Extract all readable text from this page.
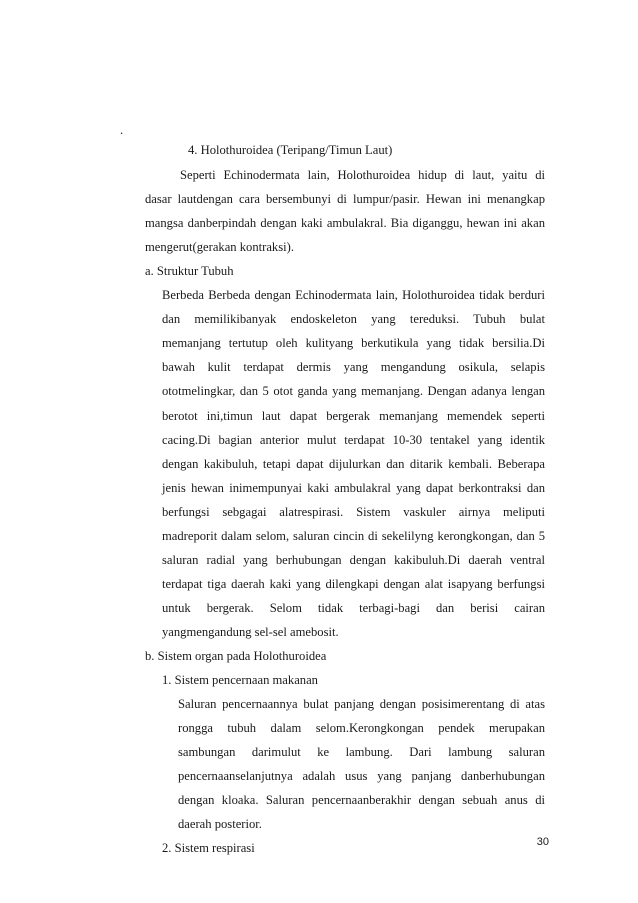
.
4. Holothuroidea (Teripang/Timun Laut)
Seperti Echinodermata lain, Holothuroidea hidup di laut, yaitu di
dasar lautdengan cara bersembunyi di lumpur/pasir. Hewan ini menangkap
mangsa danberpindah dengan kaki ambulakral. Bia diganggu, hewan ini akan
mengerut(gerakan kontraksi).
a. Struktur Tubuh
Berbeda Berbeda dengan Echinodermata lain, Holothuroidea tidak berduri
dan memilikibanyak endoskeleton yang tereduksi. Tubuh bulat
memanjang tertutup oleh kulityang berkutikula yang tidak bersilia.Di
bawah kulit terdapat dermis yang mengandung osikula, selapis
ototmelingkar, dan 5 otot ganda yang memanjang. Dengan adanya lengan
berotot ini,timun laut dapat bergerak memanjang memendek seperti
cacing.Di bagian anterior mulut terdapat 10-30 tentakel yang identik
dengan kakibuluh, tetapi dapat dijulurkan dan ditarik kembali. Beberapa
jenis hewan inimempunyai kaki ambulakral yang dapat berkontraksi dan
berfungsi sebgagai alatrespirasi. Sistem vaskuler airnya meliputi
madreporit dalam selom, saluran cincin di sekelilyng kerongkongan, dan 5
saluran radial yang berhubungan dengan kakibuluh.Di daerah ventral
terdapat tiga daerah kaki yang dilengkapi dengan alat isapyang berfungsi
untuk bergerak. Selom tidak terbagi-bagi dan berisi cairan
yangmengandung sel-sel amebosit.
b. Sistem organ pada Holothuroidea
1. Sistem pencernaan makanan
Saluran pencernaannya bulat panjang dengan posisimerentang di atas
rongga tubuh dalam selom.Kerongkongan pendek merupakan
sambungan darimulut ke lambung. Dari lambung saluran
pencernaanselanjutnya adalah usus yang panjang danberhubungan
dengan kloaka. Saluran pencernaanberakhir dengan sebuah anus di
daerah posterior.
2. Sistem respirasi	30
